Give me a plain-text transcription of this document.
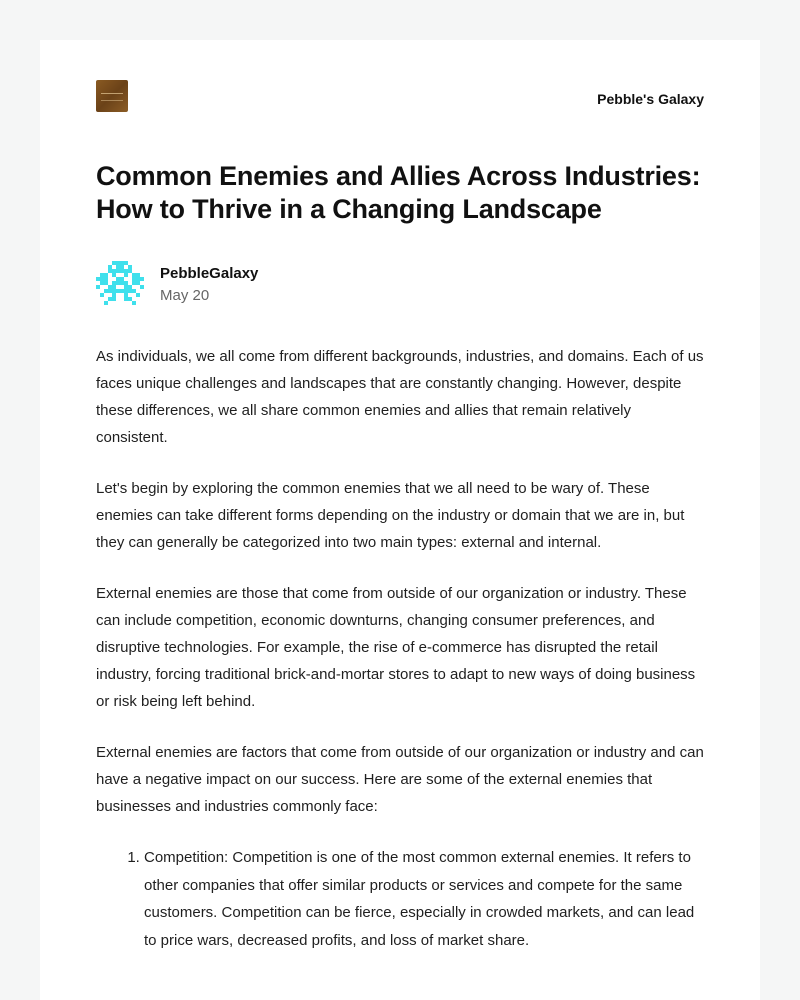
Pebble's Galaxy
Common Enemies and Allies Across Industries: How to Thrive in a Changing Landscape
PebbleGalaxy
May 20

As individuals, we all come from different backgrounds, industries, and domains. Each of us faces unique challenges and landscapes that are constantly changing. However, despite these differences, we all share common enemies and allies that remain relatively consistent.

Let's begin by exploring the common enemies that we all need to be wary of. These enemies can take different forms depending on the industry or domain that we are in, but they can generally be categorized into two main types: external and internal.

External enemies are those that come from outside of our organization or industry. These can include competition, economic downturns, changing consumer preferences, and disruptive technologies. For example, the rise of e-commerce has disrupted the retail industry, forcing traditional brick-and-mortar stores to adapt to new ways of doing business or risk being left behind.

External enemies are factors that come from outside of our organization or industry and can have a negative impact on our success. Here are some of the external enemies that businesses and industries commonly face:

1. Competition: Competition is one of the most common external enemies. It refers to other companies that offer similar products or services and compete for the same customers. Competition can be fierce, especially in crowded markets, and can lead to price wars, decreased profits, and loss of market share.
